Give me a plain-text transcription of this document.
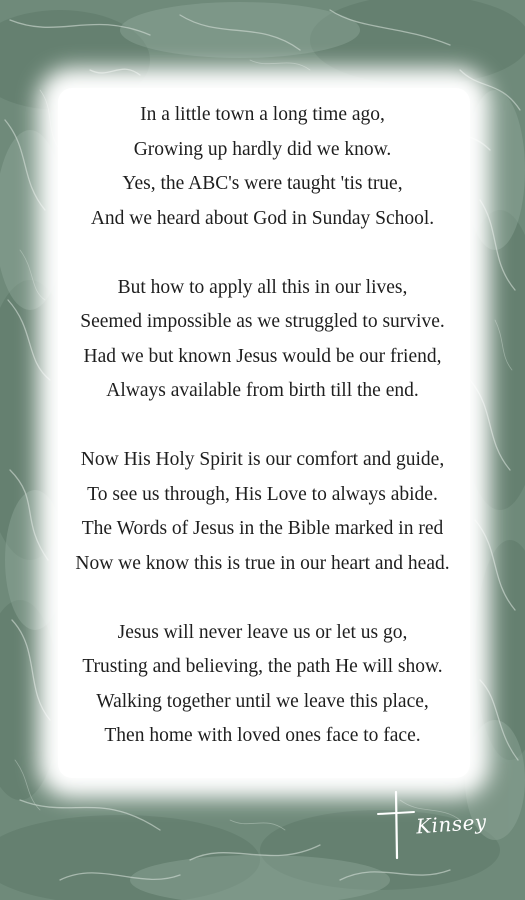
In a little town a long time ago,
Growing up hardly did we know.
Yes, the ABC's were taught 'tis true,
And we heard about God in Sunday School.
But how to apply all this in our lives,
Seemed impossible as we struggled to survive.
Had we but known Jesus would be our friend,
Always available from birth till the end.
Now His Holy Spirit is our comfort and guide,
To see us through, His Love to always abide.
The Words of Jesus in the Bible marked in red
Now we know this is true in our heart and head.
Jesus will never leave us or let us go,
Trusting and believing, the path He will show.
Walking together until we leave this place,
Then home with loved ones face to face.
Kinsey
